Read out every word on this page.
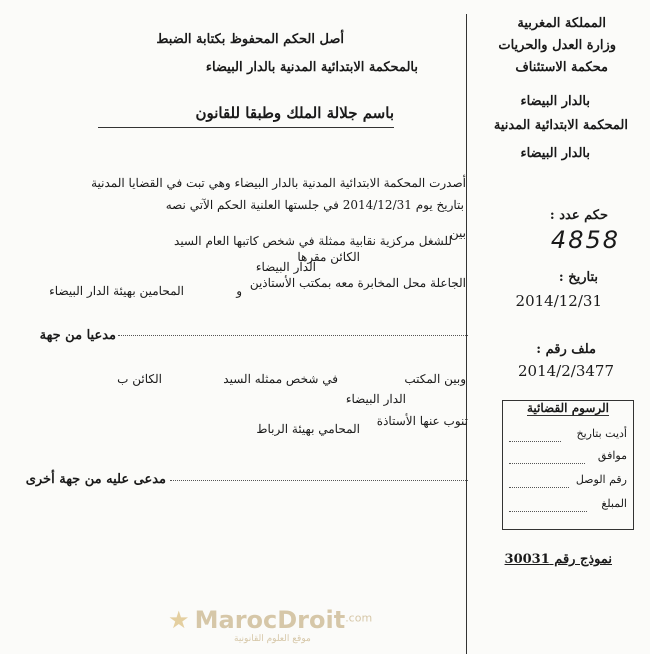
المملكة المغربية
وزارة العدل والحريات
محكمة الاستئناف
بالدار البيضاء
المحكمة الابتدائية المدنية
بالدار البيضاء
حكم عدد :
4858
بتاريخ :
2014/12/31
ملف رقم :
2014/2/3477
الرسوم القضائية
أديت بتاريخ
موافق
رقم الوصل
المبلغ
نموذج رقم 30031
أصل الحكم المحفوظ بكتابة الضبط
بالمحكمة الابتدائية المدنية بالدار البيضاء
باسم جلالة الملك وطبقا للقانون
أصدرت المحكمة الابتدائية المدنية بالدار البيضاء وهي تبت في القضايا المدنية
بتاريخ يوم 2014/12/31 في جلستها العلنية الحكم الآتي نصه
بين
للشغل مركزية نقابية ممثلة في شخص كاتبها العام السيد
الكائن مقرها
الدار البيضاء
الجاعلة محل المخابرة معه بمكتب الأستاذين
و
المحامين بهيئة الدار البيضاء
مدعيا من جهة
وبين المكتب
في شخص ممثله السيد
الكائن ب
الدار البيضاء
تنوب عنها الأستاذة
المحامي بهيئة الرباط
مدعى عليه من جهة أخرى
★ MarocDroit$^{.com}$
موقع العلوم القانونية
